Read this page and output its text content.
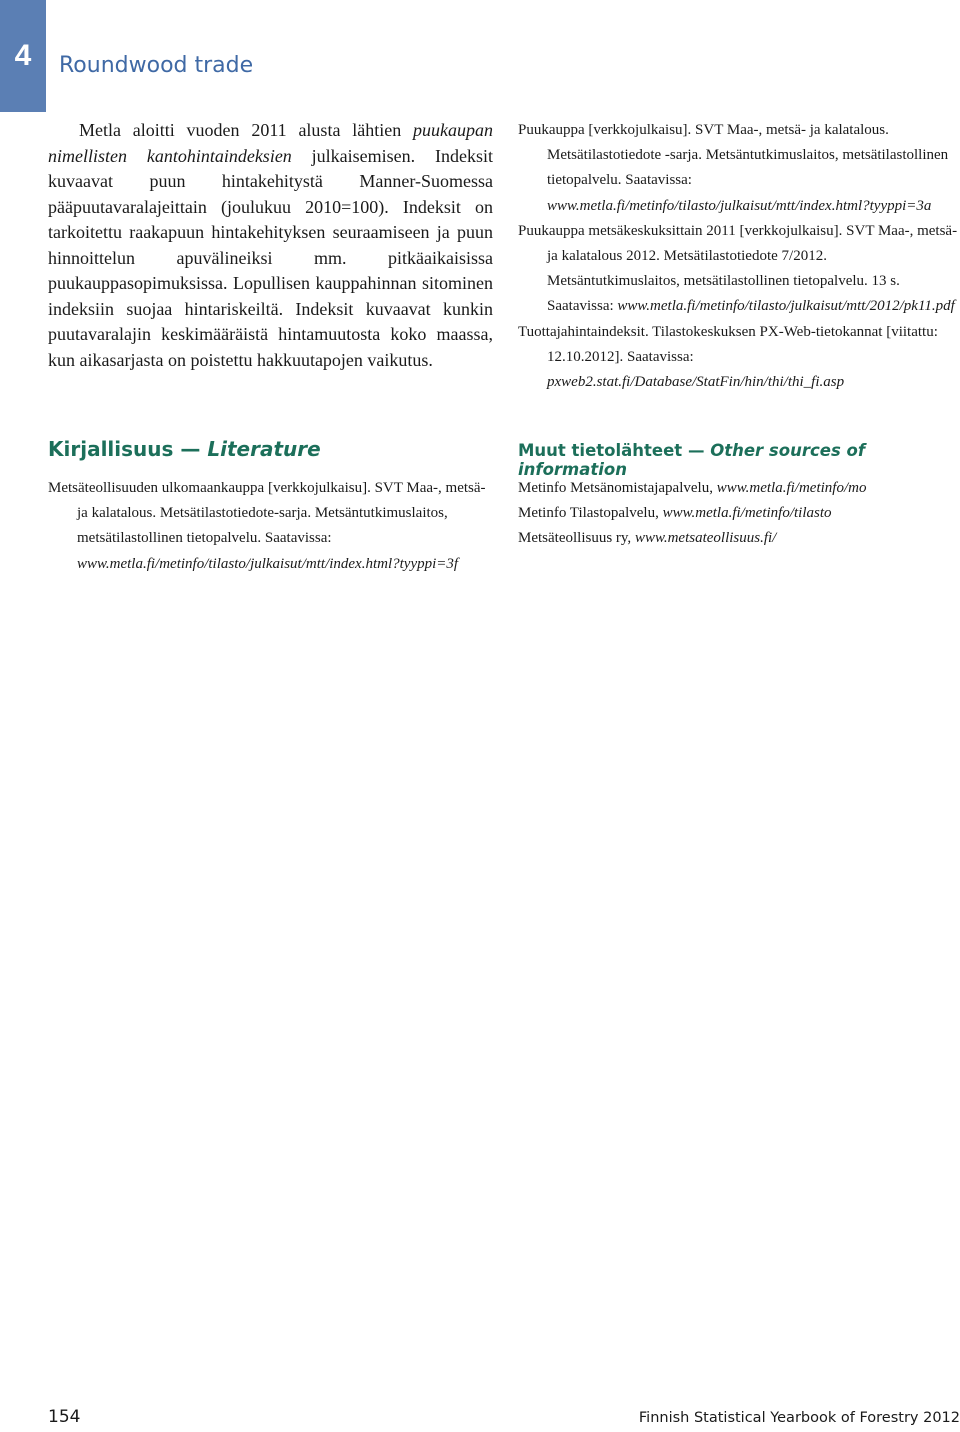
4 Roundwood trade

Metla aloitti vuoden 2011 alusta lähtien puukaupan nimellisten kantohintaindeksien julkaisemisen. Indeksit kuvaavat puun hintakehitystä Manner-Suomessa pääpuutavaralajeittain (joulukuu 2010=100). Indeksit on tarkoitettu raakapuun hintakehityksen seuraamiseen ja puun hinnoittelun apuvälineiksi mm. pitkäaikaisissa puukauppasopimuksissa. Lopullisen kauppahinnan sitominen indeksiin suojaa hintariskeiltä. Indeksit kuvaavat kunkin puutavaralajin keskimääräistä hintamuutosta koko maassa, kun aikasarjasta on poistettu hakkuutapojen vaikutus.

Puukauppa [verkkojulkaisu]. SVT Maa-, metsä- ja kalatalous. Metsätilastotiedote -sarja. Metsäntutkimuslaitos, metsätilastollinen tietopalvelu. Saatavissa: www.metla.fi/metinfo/tilasto/julkaisut/mtt/index.html?tyyppi=3a
Puukauppa metsäkeskuksittain 2011 [verkkojulkaisu]. SVT Maa-, metsä- ja kalatalous 2012. Metsätilastotiedote 7/2012. Metsäntutkimuslaitos, metsätilastollinen tietopalvelu. 13 s. Saatavissa: www.metla.fi/metinfo/tilasto/julkaisut/mtt/2012/pk11.pdf
Tuottajahintaindeksit. Tilastokeskuksen PX-Web-tietokannat [viitattu: 12.10.2012]. Saatavissa: pxweb2.stat.fi/Database/StatFin/hin/thi/thi_fi.asp
Kirjallisuus — Literature
Metsäteollisuuden ulkomaankauppa [verkkojulkaisu]. SVT Maa-, metsä- ja kalatalous. Metsätilastotiedote-sarja. Metsäntutkimuslaitos, metsätilastollinen tietopalvelu. Saatavissa: www.metla.fi/metinfo/tilasto/julkaisut/mtt/index.html?tyyppi=3f
Muut tietolähteet — Other sources of information
Metinfo Metsänomistajapalvelu, www.metla.fi/metinfo/mo
Metinfo Tilastopalvelu, www.metla.fi/metinfo/tilasto
Metsäteollisuus ry, www.metsateollisuus.fi/
154	Finnish Statistical Yearbook of Forestry 2012
